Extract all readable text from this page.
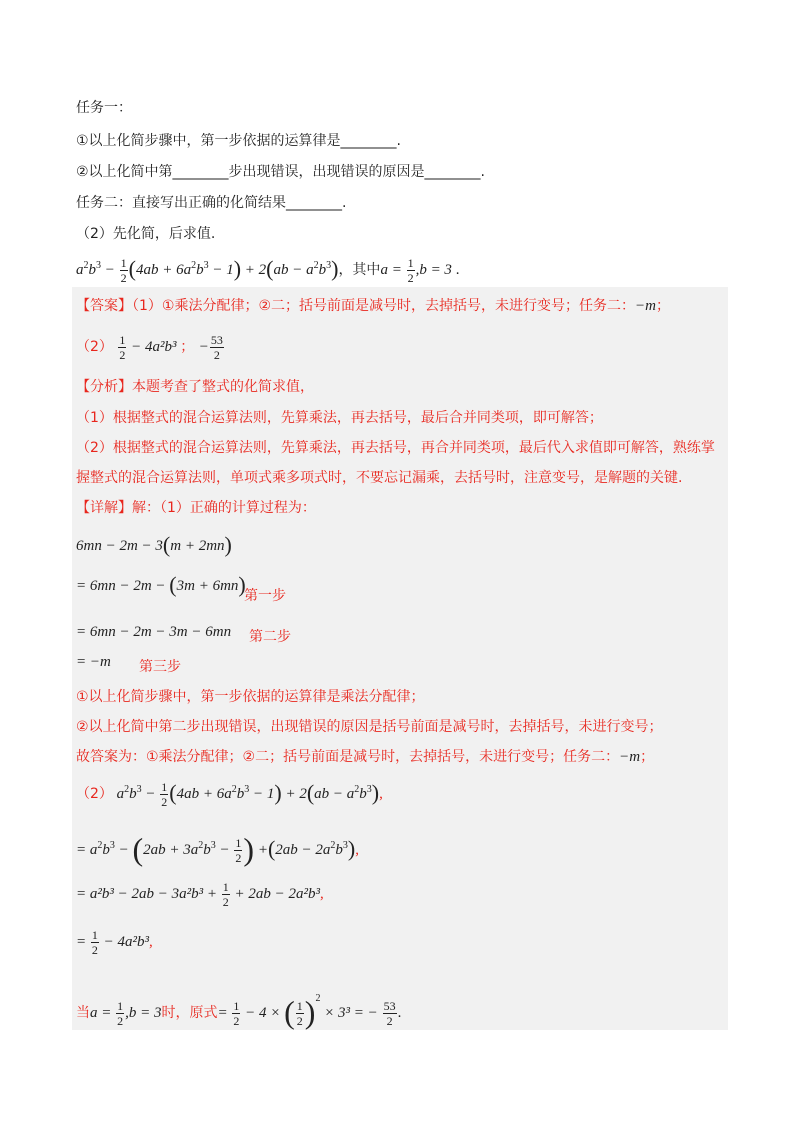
任务一：
①以上化简步骤中，第一步依据的运算律是________.
②以上化简中第________步出现错误，出现错误的原因是________.
任务二：直接写出正确的化简结果________.
（2）先化简，后求值.
$a^2b^3 - \frac{1}{2} (4ab + 6a^2b^3 - 1) + 2(ab - a^2b^3)$，其中$a = \frac{1}{2} ,b = 3$ .
【答案】（1）①乘法分配律；②二；括号前面是减号时，去掉括号，未进行变号；任务二：−m；
$(2) \frac{1}{2} - 4a^2b^3$ ； − $\frac{53}{2}$
【分析】本题考查了整式的化简求值，
（1）根据整式的混合运算法则，先算乘法，再去括号，最后合并同类项，即可解答；
（2）根据整式的混合运算法则，先算乘法，再去括号，再合并同类项，最后代入求值即可解答，熟练掌
握整式的混合运算法则，单项式乘多项式时，不要忘记漏乘，去括号时，注意变号，是解题的关键.
【详解】解：（1）正确的计算过程为：
6mn − 2m − 3(m + 2mn)
= 6mn − 2m − (3m + 6mn)
第一步
= 6mn − 2m − 3m − 6mn 第二步
= −m 第三步
①以上化简步骤中，第一步依据的运算律是乘法分配律；
②以上化简中第二步出现错误，出现错误的原因是括号前面是减号时，去掉括号，未进行变号；
故答案为：①乘法分配律；②二；括号前面是减号时，去掉括号，未进行变号；任务二：−m；
（2） $a^2b^3 - \frac{1}{2} (4ab + 6a^2b^3 - 1) + 2(ab - a^2b^3)$,
= $a^2b^3 - (2ab + 3a^2b^3 - \frac{1}{2}$ ) $+(2ab - 2a^2b^3)$,
= $a^2b^3 - 2ab - 3a^2b^3 + \frac{1}{2} + 2ab - 2a^2b^3$,
= $\frac{1}{2} - 4a^2b^3$,
当$a = \frac{1}{2} ,b = 3$时，原式= $\frac{1}{2} - 4$ × ( $\frac{1}{2} )^2 \times 3^3$ = − $\frac{53}{2}$ .
